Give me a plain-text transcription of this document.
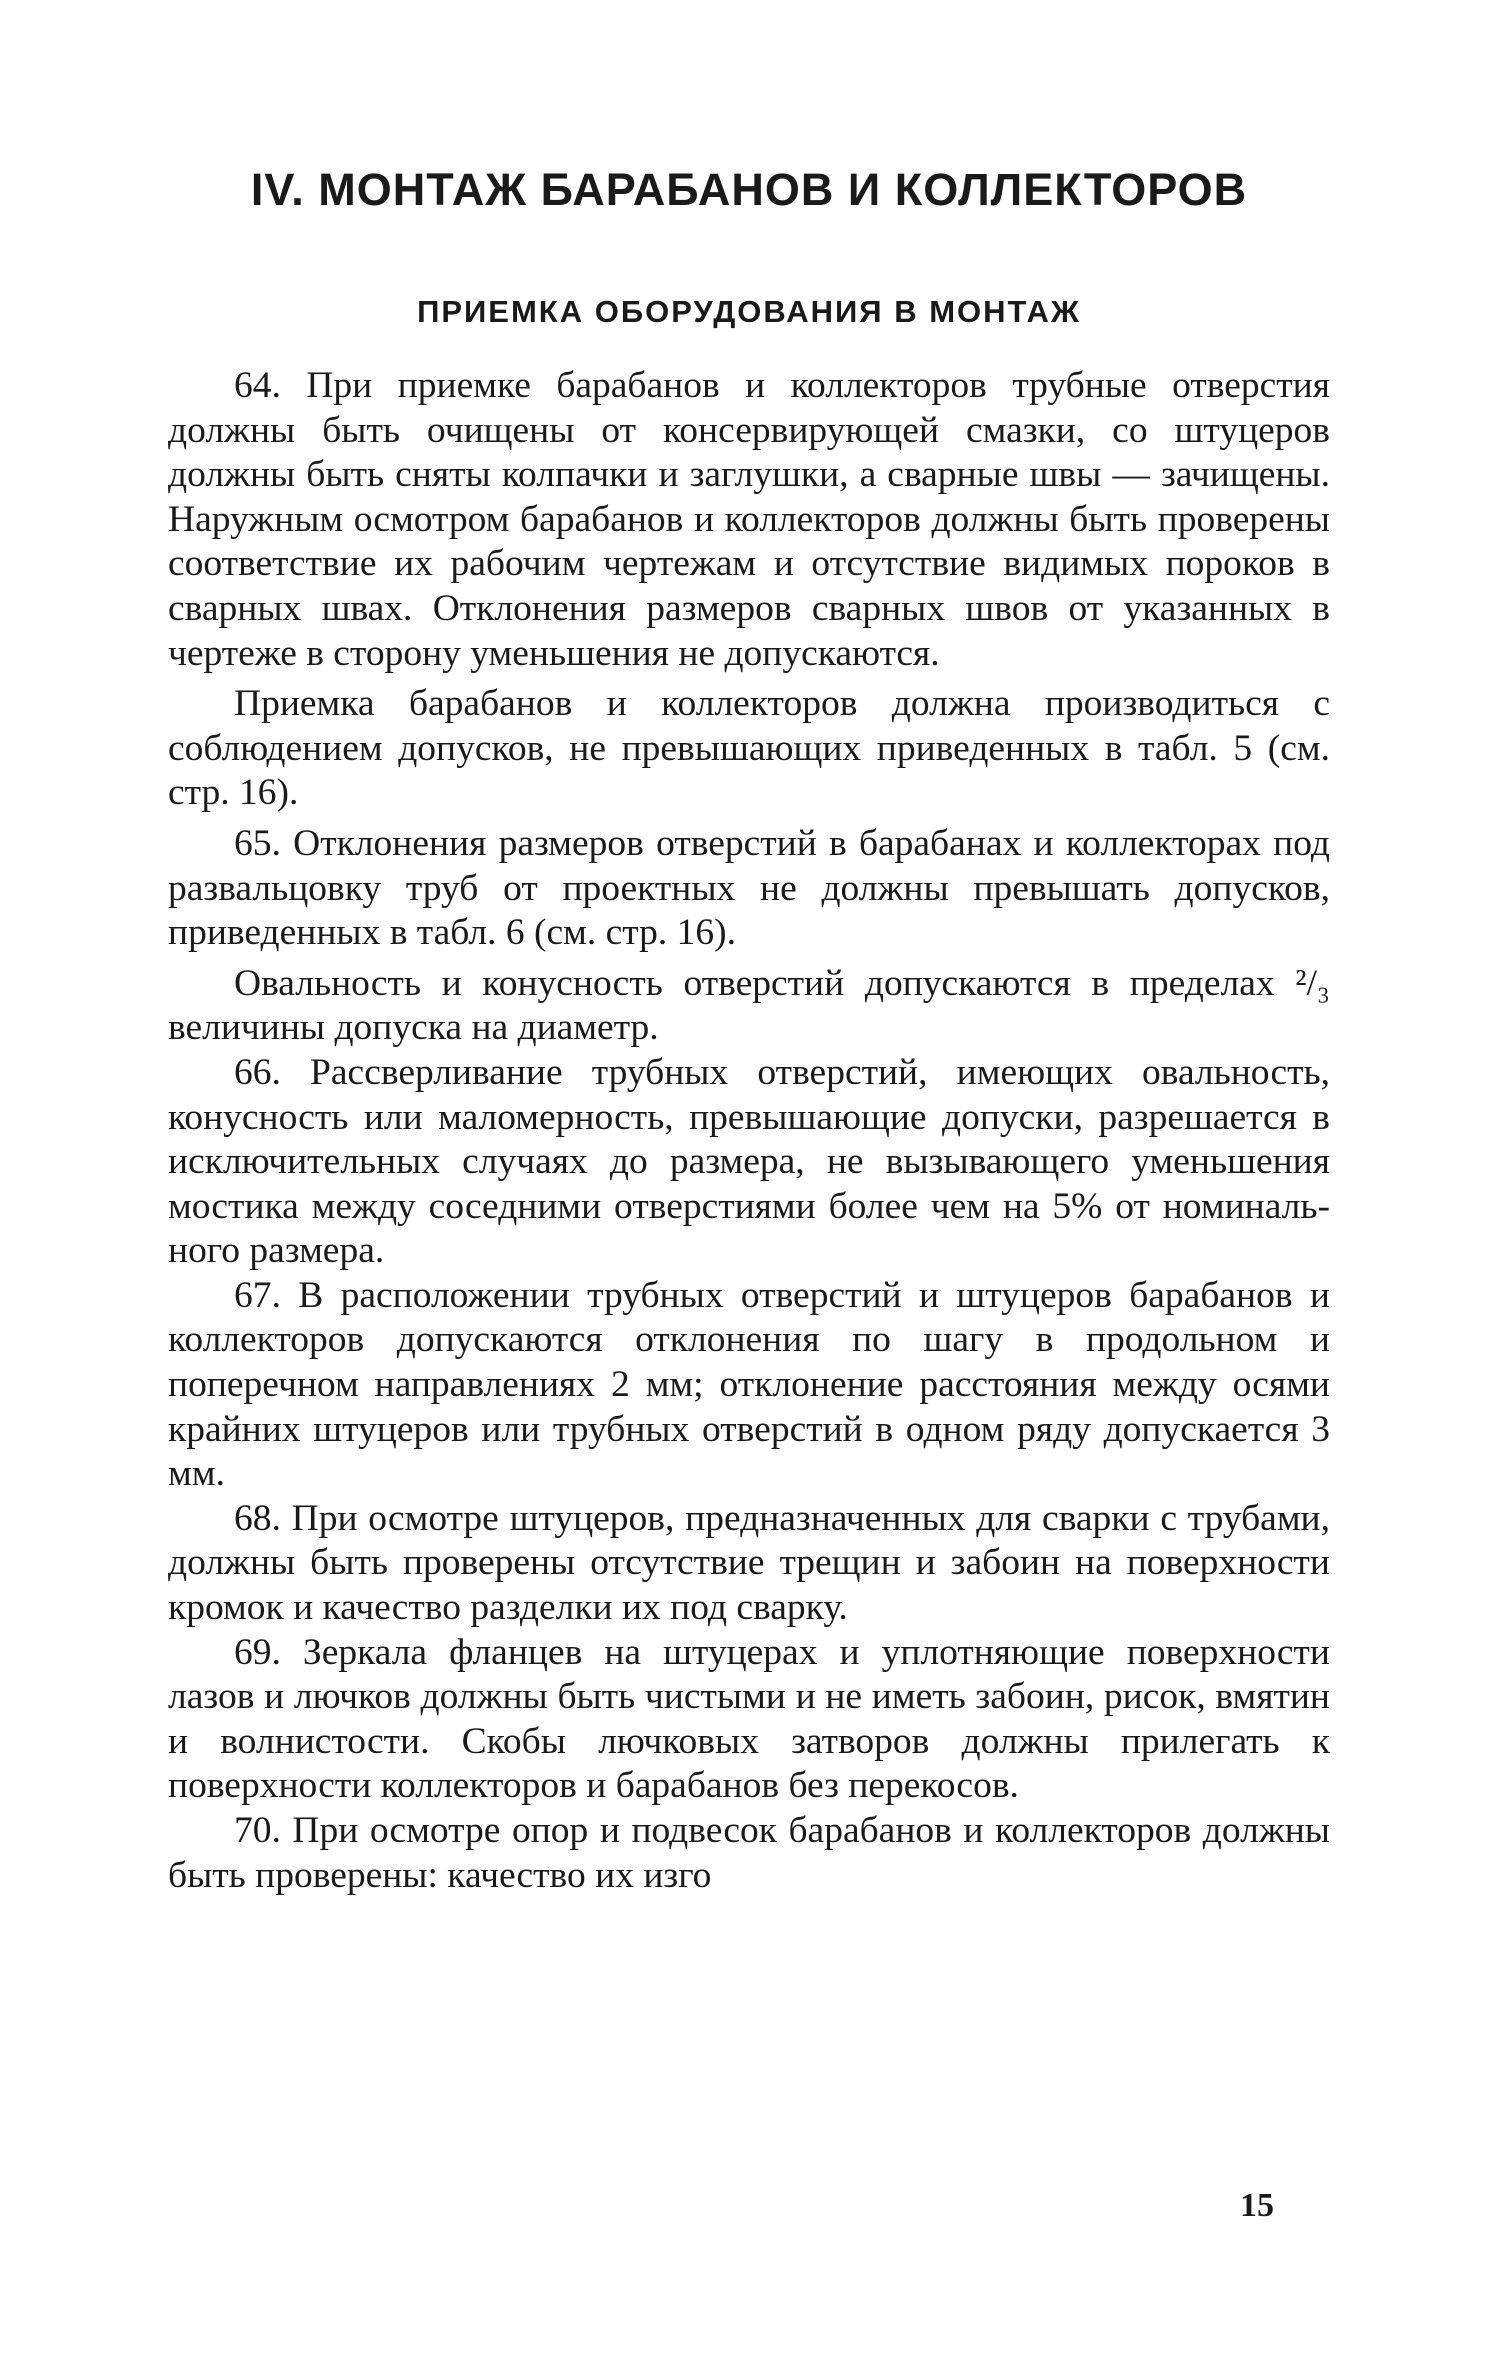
IV. МОНТАЖ БАРАБАНОВ И КОЛЛЕКТОРОВ
ПРИЕМКА ОБОРУДОВАНИЯ В МОНТАЖ

64. При приемке барабанов и коллекторов трубные отверстия должны быть очищены от консервирующей смазки, со штуцеров должны быть сняты колпачки и заглушки, а сварные швы — зачищены. Наружным осмотром барабанов и коллекторов должны быть проверены соответствие их рабочим чертежам и отсутствие видимых пороков в сварных швах. Отклонения размеров сварных швов от указанных в чертеже в сторону уменьшения не допускаются.

Приемка барабанов и коллекторов должна производиться с соблюдением допусков, не превышающих приведенных в табл. 5 (см. стр. 16).

65. Отклонения размеров отверстий в барабанах и коллекторах под развальцовку труб от проектных не должны превышать допусков, приведенных в табл. 6 (см. стр. 16).

Овальность и конусность отверстий допускаются в пределах ²/₃ величины допуска на диаметр.

66. Рассверливание трубных отверстий, имеющих овальность, конусность или маломерность, превышающие допуски, разрешается в исключительных случаях до размера, не вызывающего уменьшения мостика между соседними отверстиями более чем на 5% от номинального размера.

67. В расположении трубных отверстий и штуцеров барабанов и коллекторов допускаются отклонения по шагу в продольном и поперечном направлениях 2 мм; отклонение расстояния между осями крайних штуцеров или трубных отверстий в одном ряду допускается 3 мм.

68. При осмотре штуцеров, предназначенных для сварки с трубами, должны быть проверены отсутствие трещин и забоин на поверхности кромок и качество разделки их под сварку.

69. Зеркала фланцев на штуцерах и уплотняющие поверхности лазов и лючков должны быть чистыми и не иметь забоин, рисок, вмятин и волнистости. Скобы лючковых затворов должны прилегать к поверхности коллекторов и барабанов без перекосов.

70. При осмотре опор и подвесок барабанов и коллекторов должны быть проверены: качество их изго

15
